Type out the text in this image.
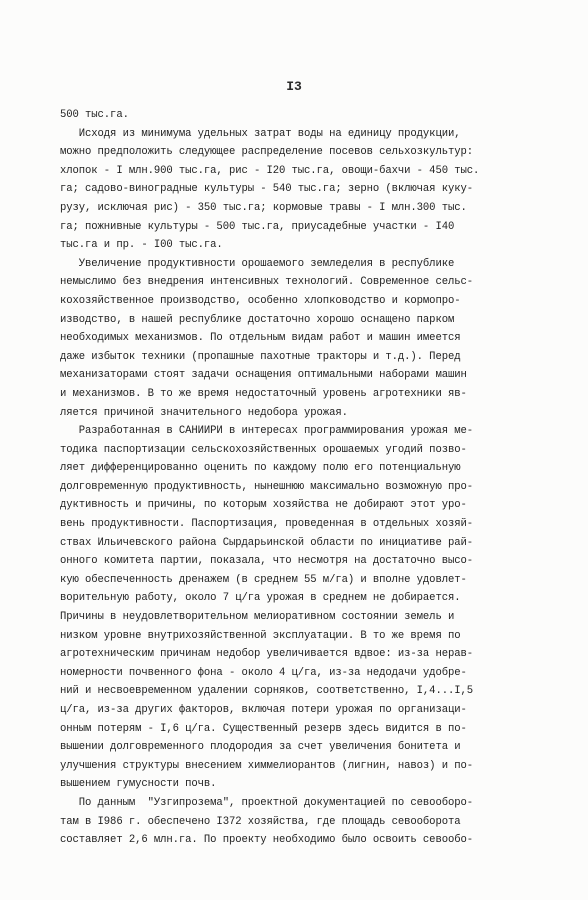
I3
500 тыс.га.
Исходя из минимума удельных затрат воды на единицу продукции,
можно предположить следующее распределение посевов сельхозкультур:
хлопок - I млн.900 тыс.га, рис - I20 тыс.га, овощи-бахчи - 450 тыс.
га; садово-виноградные культуры - 540 тыс.га; зерно (включая куку-
рузу, исключая рис) - 350 тыс.га; кормовые травы - I млн.300 тыс.
га; пожнивные культуры - 500 тыс.га, приусадебные участки - I40
тыс.га и пр. - I00 тыс.га.
Увеличение продуктивности орошаемого земледелия в республике
немыслимо без внедрения интенсивных технологий. Современное сельс-
кохозяйственное производство, особенно хлопководство и кормопро-
изводство, в нашей республике достаточно хорошо оснащено парком
необходимых механизмов. По отдельным видам работ и машин имеется
даже избыток техники (пропашные пахотные тракторы и т.д.). Перед
механизаторами стоят задачи оснащения оптимальными наборами машин
и механизмов. В то же время недостаточный уровень агротехники яв-
ляется причиной значительного недобора урожая.
Разработанная в САНИИРИ в интересах программирования урожая ме-
тодика паспортизации сельскохозяйственных орошаемых угодий позво-
ляет дифференцированно оценить по каждому полю его потенциальную
долговременную продуктивность, нынешнюю максимально возможную про-
дуктивность и причины, по которым хозяйства не добирают этот уро-
вень продуктивности. Паспортизация, проведенная в отдельных хозяй-
ствах Ильичевского района Сырдарьинской области по инициативе рай-
онного комитета партии, показала, что несмотря на достаточно высо-
кую обеспеченность дренажем (в среднем 55 м/га) и вполне удовлет-
ворительную работу, около 7 ц/га урожая в среднем не добирается.
Причины в неудовлетворительном мелиоративном состоянии земель и
низком уровне внутрихозяйственной эксплуатации. В то же время по
агротехническим причинам недобор увеличивается вдвое: из-за нерав-
номерности почвенного фона - около 4 ц/га, из-за недодачи удобре-
ний и несвоевременном удалении сорняков, соответственно, I,4...I,5
ц/га, из-за других факторов, включая потери урожая по организаци-
онным потерям - I,6 ц/га. Существенный резерв здесь видится в по-
вышении долговременного плодородия за счет увеличения бонитета и
улучшения структуры внесением химмелиорантов (лигнин, навоз) и по-
вышением гумусности почв.
По данным  "Узгипрозема", проектной документацией по севооборо-
там в I986 г. обеспечено I372 хозяйства, где площадь севооборота
составляет 2,6 млн.га. По проекту необходимо было освоить севообо-
